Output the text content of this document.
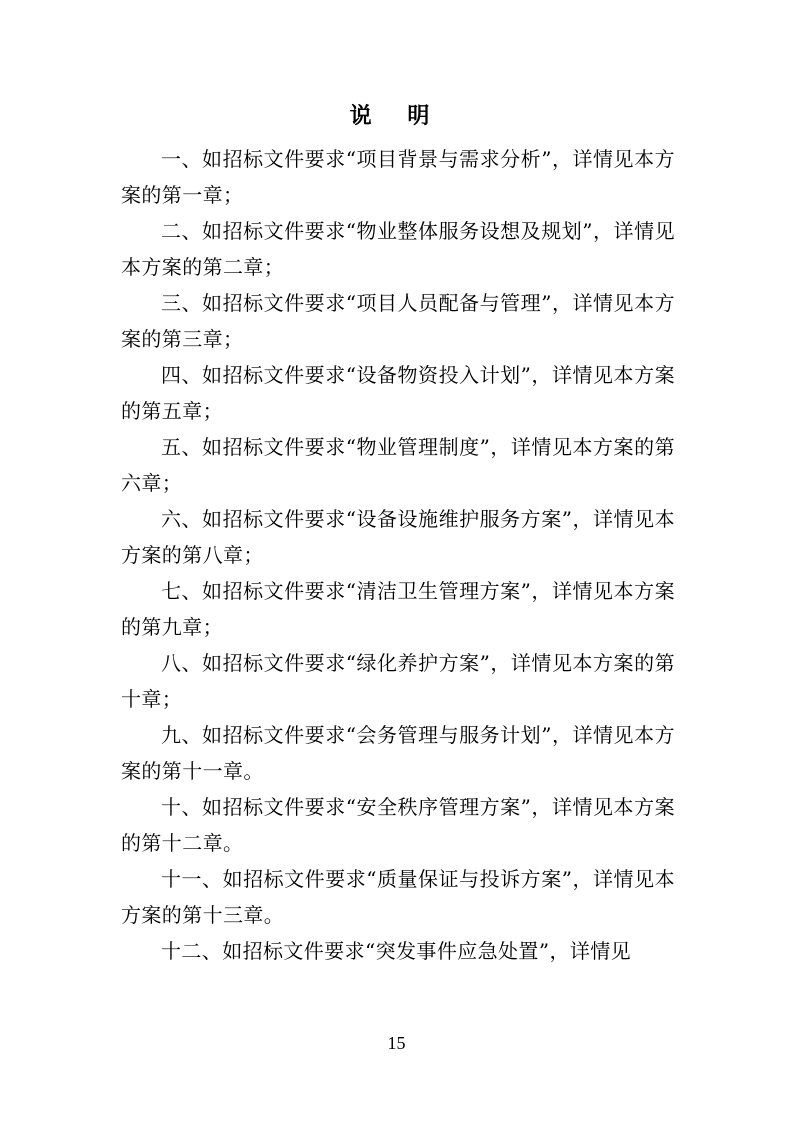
说 明

一、如招标文件要求“项目背景与需求分析”，详情见本方案的第一章；

二、如招标文件要求“物业整体服务设想及规划”，详情见本方案的第二章；

三、如招标文件要求“项目人员配备与管理”，详情见本方案的第三章；

四、如招标文件要求“设备物资投入计划”，详情见本方案的第五章；

五、如招标文件要求“物业管理制度”，详情见本方案的第六章；

六、如招标文件要求“设备设施维护服务方案”，详情见本方案的第八章；

七、如招标文件要求“清洁卫生管理方案”，详情见本方案的第九章；

八、如招标文件要求“绿化养护方案”，详情见本方案的第十章；

九、如招标文件要求“会务管理与服务计划”，详情见本方案的第十一章。

十、如招标文件要求“安全秩序管理方案”，详情见本方案的第十二章。

十一、如招标文件要求“质量保证与投诉方案”，详情见本方案的第十三章。

十二、如招标文件要求“突发事件应急处置”，详情见

15
